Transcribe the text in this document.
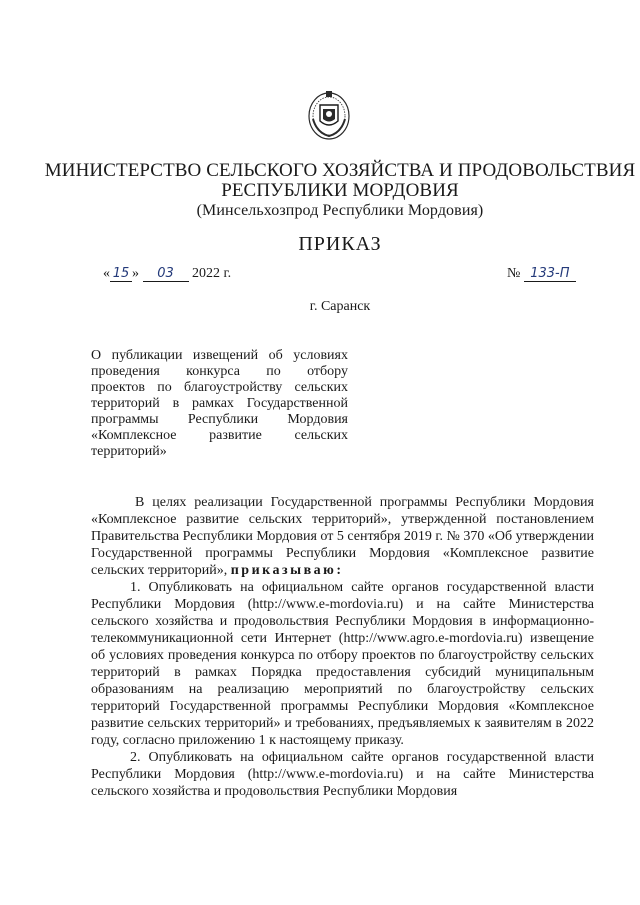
МИНИСТЕРСТВО СЕЛЬСКОГО ХОЗЯЙСТВА И ПРОДОВОЛЬСТВИЯ
РЕСПУБЛИКИ МОРДОВИЯ
(Минсельхозпрод Республики Мордовия)
ПРИКАЗ
« 15 » 03 2022 г.	№ 133-П
г. Саранск
О публикации извещений об условиях
проведения конкурса по отбору
проектов по благоустройству сельских
территорий в рамках Государственной
программы Республики Мордовия
«Комплексное развитие сельских
территорий»

В целях реализации Государственной программы Республики Мордовия «Комплексное развитие сельских территорий», утвержденной постановлением Правительства Республики Мордовия от 5 сентября 2019 г. № 370 «Об утверждении Государственной программы Республики Мордовия «Комплексное развитие сельских территорий», приказываю:

1. Опубликовать на официальном сайте органов государственной власти Республики Мордовия (http://www.e-mordovia.ru) и на сайте Министерства сельского хозяйства и продовольствия Республики Мордовия в информационно-телекоммуникационной сети Интернет (http://www.agro.e-mordovia.ru) извещение об условиях проведения конкурса по отбору проектов по благоустройству сельских территорий в рамках Порядка предоставления субсидий муниципальным образованиям на реализацию мероприятий по благоустройству сельских территорий Государственной программы Республики Мордовия «Комплексное развитие сельских территорий» и требованиях, предъявляемых к заявителям в 2022 году, согласно приложению 1 к настоящему приказу.

2. Опубликовать на официальном сайте органов государственной власти Республики Мордовия (http://www.e-mordovia.ru) и на сайте Министерства сельского хозяйства и продовольствия Республики Мордовия
